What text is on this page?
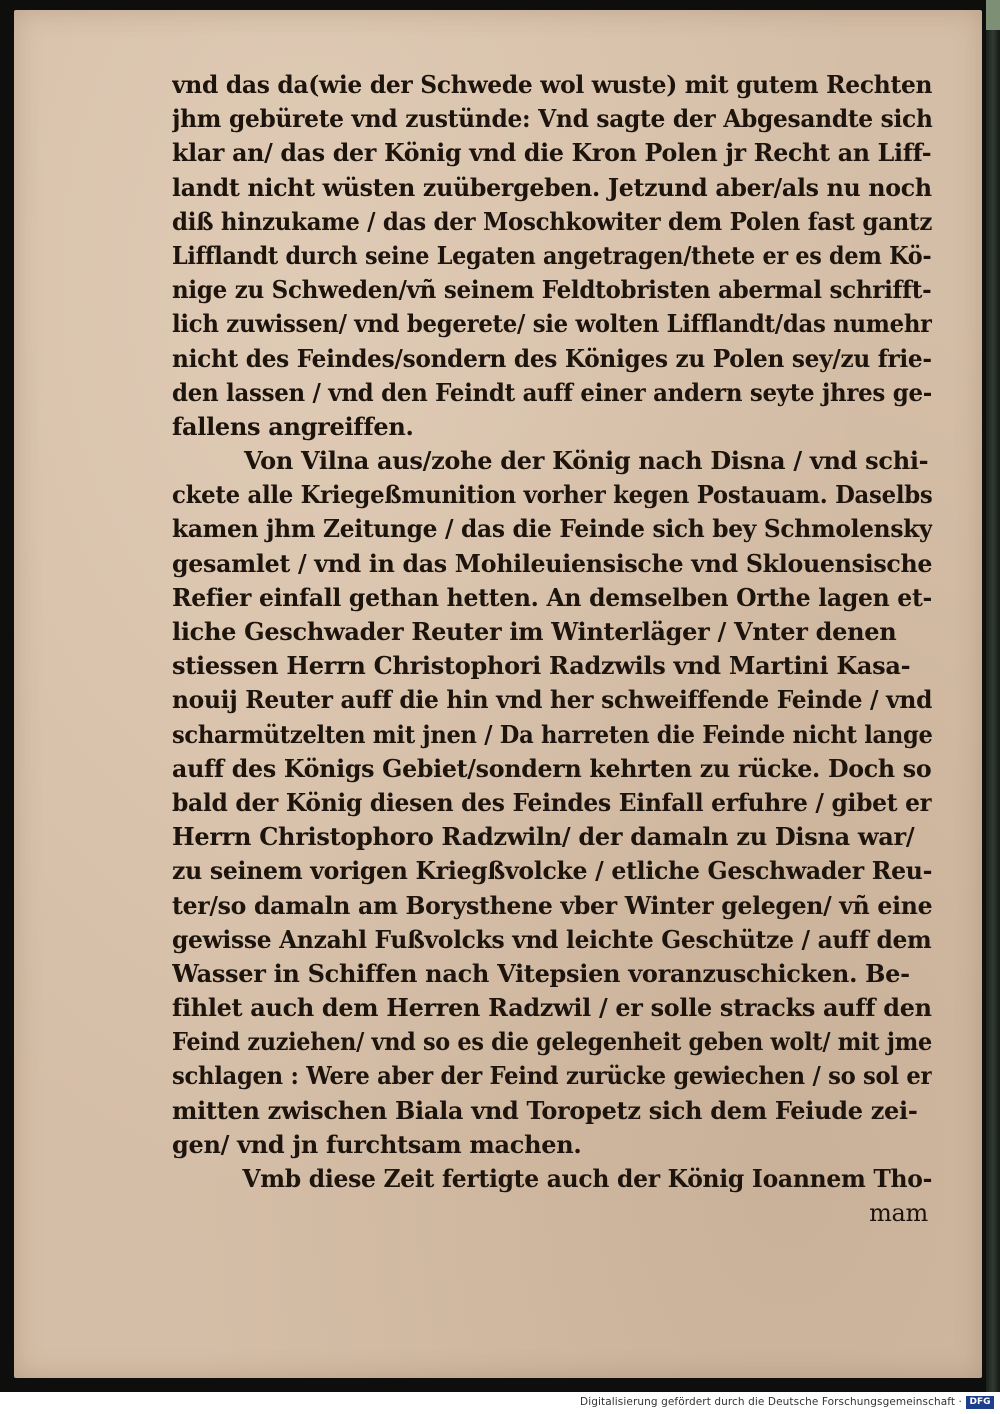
vnd das da(wie der Schwede wol wuste) mit gutem Rechten
jhm gebürete vnd zustünde: Vnd sagte der Abgesandte sich
klar an/ das der König vnd die Kron Polen jr Recht an Liff-
landt nicht wüsten zuübergeben. Jetzund aber/als nu noch
diß hinzukame / das der Moschkowiter dem Polen fast gantz
Lifflandt durch seine Legaten angetragen/thete er es dem Kö-
nige zu Schweden/vñ seinem Feldtobristen abermal schrifft-
lich zuwissen/ vnd begerete/ sie wolten Lifflandt/das numehr
nicht des Feindes/sondern des Königes zu Polen sey/zu frie-
den lassen / vnd den Feindt auff einer andern seyte jhres ge-
fallens angreiffen.
Von Vilna aus/zohe der König nach Disna / vnd schi-
ckete alle Kriegeßmunition vorher kegen Postauam. Daselbs
kamen jhm Zeitunge / das die Feinde sich bey Schmolensky
gesamlet / vnd in das Mohileuiensische vnd Sklouensische
Refier einfall gethan hetten. An demselben Orthe lagen et-
liche Geschwader Reuter im Winterläger / Vnter denen
stiessen Herrn Christophori Radzwils vnd Martini Kasa-
nouij Reuter auff die hin vnd her schweiffende Feinde / vnd
scharmützelten mit jnen / Da harreten die Feinde nicht lange
auff des Königs Gebiet/sondern kehrten zu rücke. Doch so
bald der König diesen des Feindes Einfall erfuhre / gibet er
Herrn Christophoro Radzwiln/ der damaln zu Disna war/
zu seinem vorigen Kriegßvolcke / etliche Geschwader Reu-
ter/so damaln am Borysthene vber Winter gelegen/ vñ eine
gewisse Anzahl Fußvolcks vnd leichte Geschütze / auff dem
Wasser in Schiffen nach Vitepsien voranzuschicken. Be-
fihlet auch dem Herren Radzwil / er solle stracks auff den
Feind zuziehen/ vnd so es die gelegenheit geben wolt/ mit jme
schlagen : Were aber der Feind zurücke gewiechen / so sol er
mitten zwischen Biala vnd Toropetz sich dem Feiude zei-
gen/ vnd jn furchtsam machen.
Vmb diese Zeit fertigte auch der König Ioannem Tho-
mam
Digitalisierung gefördert durch die Deutsche Forschungsgemeinschaft · DFG
